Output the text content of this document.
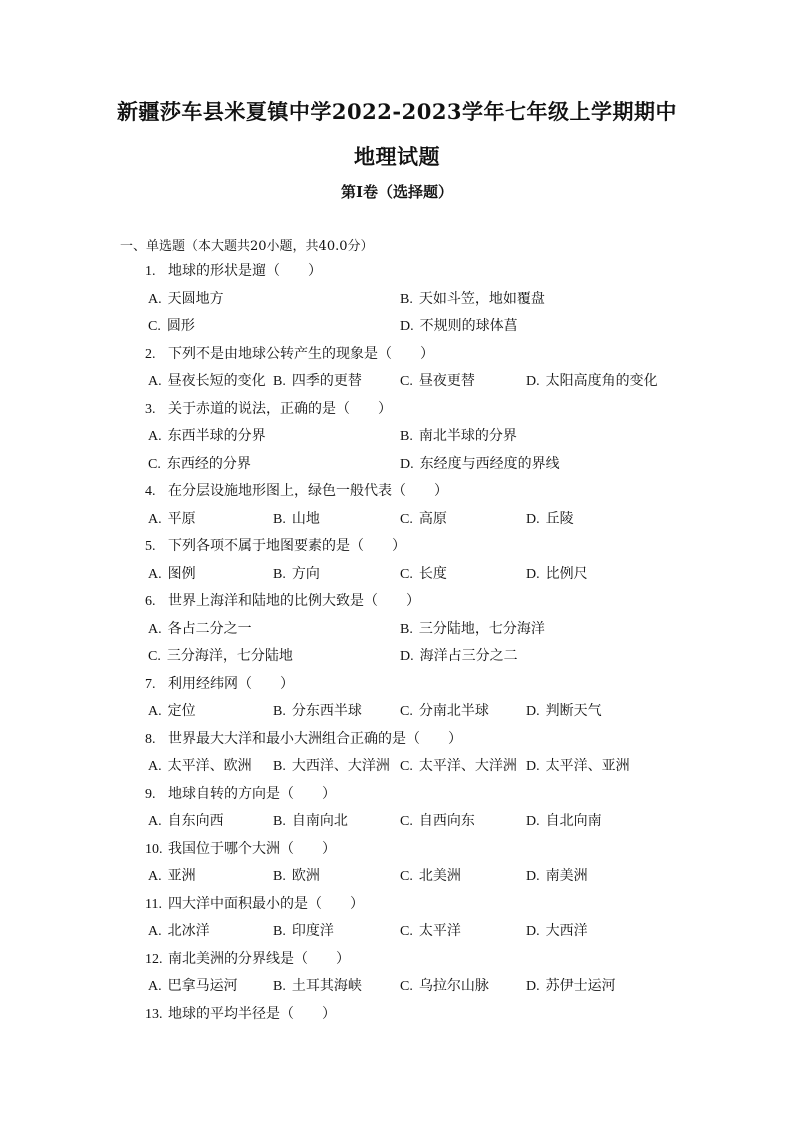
新疆莎车县米夏镇中学2022-2023学年七年级上学期期中
地理试题
第I卷（选择题）
一、单选题（本大题共20小题，共40.0分）
1. 地球的形状是遛（　　）
A. 天圆地方	B. 天如斗笠，地如覆盘
C. 圆形	D. 不规则的球体菖
2. 下列不是由地球公转产生的现象是（　　）
A. 昼夜长短的变化 B. 四季的更替	C. 昼夜更替	D. 太阳高度角的变化
3. 关于赤道的说法，正确的是（　　）
A. 东西半球的分界	B. 南北半球的分界
C. 东西经的分界	D. 东经度与西经度的界线
4. 在分层设施地形图上，绿色一般代表（　　）
A. 平原	B. 山地	C. 高原	D. 丘陵
5. 下列各项不属于地图要素的是（　　）
A. 图例	B. 方向	C. 长度	D. 比例尺
6. 世界上海洋和陆地的比例大致是（　　）
A. 各占二分之一	B. 三分陆地，七分海洋
C. 三分海洋，七分陆地	D. 海洋占三分之二
7. 利用经纬网（　　）
A. 定位	B. 分东西半球	C. 分南北半球	D. 判断天气
8. 世界最大大洋和最小大洲组合正确的是（　　）
A. 太平洋、欧洲 B. 大西洋、大洋洲 C. 太平洋、大洋洲 D. 太平洋、亚洲
9. 地球自转的方向是（　　）
A. 自东向西	B. 自南向北	C. 自西向东	D. 自北向南
10. 我国位于哪个大洲（　　）
A. 亚洲	B. 欧洲	C. 北美洲	D. 南美洲
11. 四大洋中面积最小的是（　　）
A. 北冰洋	B. 印度洋	C. 太平洋	D. 大西洋
12. 南北美洲的分界线是（　　）
A. 巴拿马运河	B. 土耳其海峡	C. 乌拉尔山脉	D. 苏伊士运河
13. 地球的平均半径是（　　）
